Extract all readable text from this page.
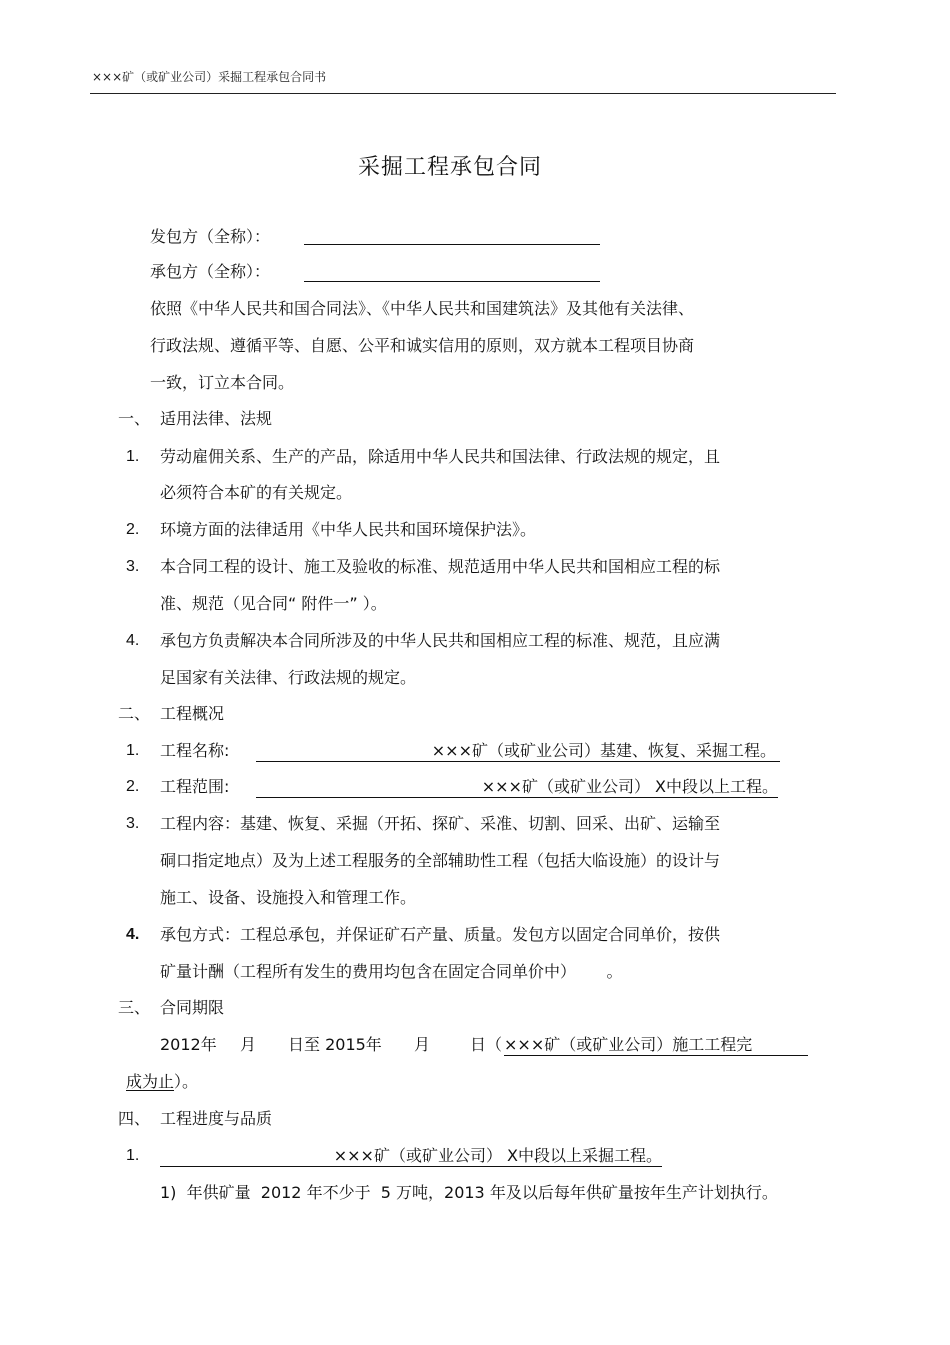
×××矿（或矿业公司）采掘工程承包合同书
采掘工程承包合同
发包方（全称）：
承包方（全称）：
依照《中华人民共和国合同法》、《中华人民共和国建筑法》及其他有关法律、
行政法规、遵循平等、自愿、公平和诚实信用的原则，双方就本工程项目协商
一致，订立本合同。
一、 适用法律、法规
1. 劳动雇佣关系、生产的产品，除适用中华人民共和国法律、行政法规的规定，且
必须符合本矿的有关规定。
2. 环境方面的法律适用《中华人民共和国环境保护法》。
3. 本合同工程的设计、施工及验收的标准、规范适用中华人民共和国相应工程的标
准、规范（见合同“ 附件一” ）。
4. 承包方负责解决本合同所涉及的中华人民共和国相应工程的标准、规范，且应满
足国家有关法律、行政法规的规定。
二、 工程概况
1. 工程名称:	×××矿（或矿业公司）基建、恢复、采掘工程。
2. 工程范围:	×××矿（或矿业公司） X中段以上工程。
3. 工程内容：基建、恢复、采掘（开拓、探矿、采准、切割、回采、出矿、运输至
硐口指定地点）及为上述工程服务的全部辅助性工程（包括大临设施）的设计与
施工、设备、设施投入和管理工作。
4. 承包方式：工程总承包，并保证矿石产量、质量。发包方以固定合同单价，按供
矿量计酬（工程所有发生的费用均包含在固定合同单价中）      。
三、 合同期限
2012年 月 日至 2015年 月 日（ ×××矿（或矿业公司）施工工程完
成为止）。
四、 工程进度与品质
1.	×××矿（或矿业公司） X中段以上采掘工程。
1)  年供矿量  2012 年不少于  5 万吨，2013 年及以后每年供矿量按年生产计划执行。
